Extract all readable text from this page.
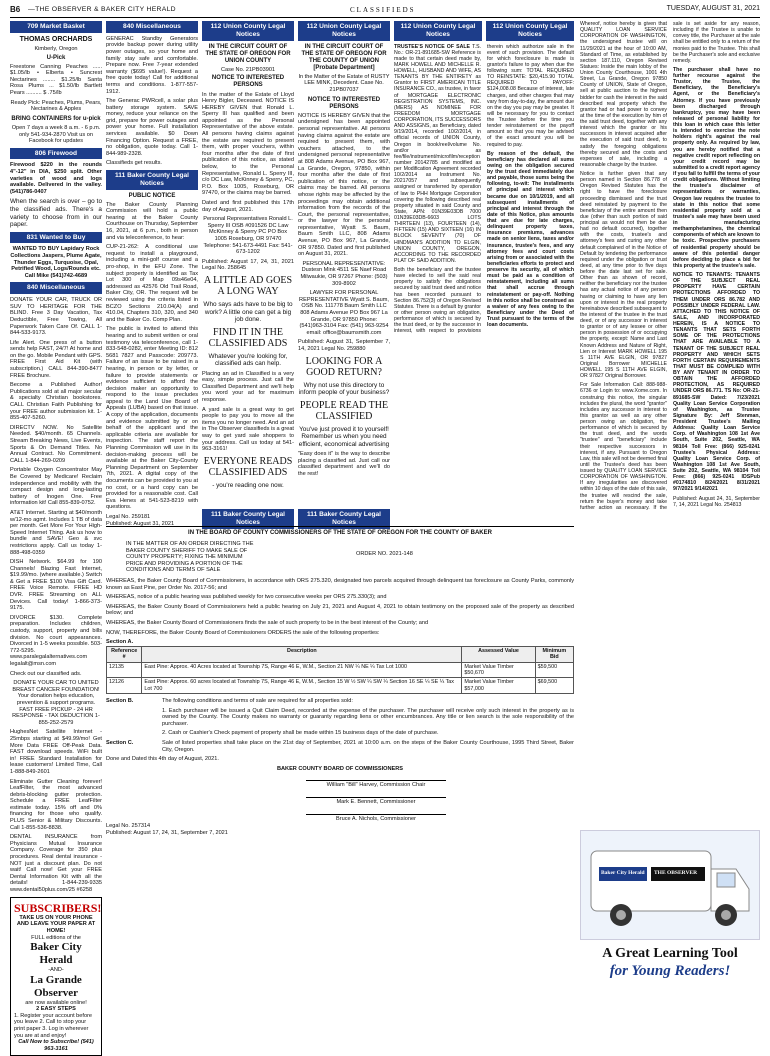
B6 —THE OBSERVER & BAKER CITY HERALD	CLASSIFIEDS	TUESDAY, AUGUST 31, 2021
709 Market Basket
THOMAS ORCHARDS
Kimberly, Oregon
U-Pick

Freestone Canning Peaches ...... $1.05/lb • Elberta • Suncrest Nectarines ........ $1.25/lb Santa Rosa Plums ... $1.50/lb Bartlett Pears .......... $ .75/lb

Ready Pick: Peaches, Plums, Pears, Nectarines & Apples

BRING CONTAINERS for u-pick

Open 7 days a week 8 a.m. - 6 p.m. only 541-934-2870 Visit us on Facebook for updates

806 Firewood

Firewood $220 in the rounds 4"-12" in DIA, $250 split. Other varieties of wood and logs available. Delivered in the valley. (541)786-0407

When the search is over – go to the classified ads. There's a variety to choose from in our paper.

831 Wanted to Buy

WANTED TO BUY Lapidary Rock Collections Jaspers, Plume Agate, Thunder Eggs, Turquoise, Opal, Petrified Wood, Logs/Rounds etc. Call Mike (541)742-4689

840 Miscellaneous

DONATE YOUR CAR, TRUCK OR SUV TO HERITAGE FOR THE BLIND. Free 3 Day Vacation, Tax Deductible, Free Towing, All Paperwork Taken Care Of. CALL 1-844-533-9173.

Life Alert. One press of a button sends help FAST, 24/7! At home and on the go. Mobile Pendant with GPS. FREE First Aid Kit (with subscription.) CALL 844-390-8477 FREE Brochure.

Become a Published Author! Publications sold at all major secular & specialty Christian bookstores. CALL Christian Faith Publishing for your FREE author submission kit. 1-855-407-5260.

DIRECTV NOW. No Satellite Needed. $40/month. 65 Channels. Stream Breaking News, Live Events, Sports & On Demand Titles. No Annual Contract. No Commitment. CALL 1-844-269-0209

Portable Oxygen Concentrator May Be Covered by Medicare! Reclaim independence and mobility with the compact design and long-lasting battery of Inogen One. Free information kit! Call 855-839-0752.

AT&T Internet. Starting at $40/month w/12-mo agmt. Includes 1 TB of data per month. Get More For Your High-Speed Internet Thing. Ask us how to bundle and SAVE! Geo & svc restrictions apply. Call us today 1-888-498-0359

DISH Network. $64.99 for 190 Channels! Blazing Fast Internet, $19.99/mo. (where available.) Switch & Get a FREE $100 Visa Gift Card. FREE Voice Remote. FREE HD DVR. FREE Streaming on ALL Devices. Call today! 1-866-373-9175.

DIVORCE $130. Complete preparation. Includes children, custody, support, property and bills division. No court appearances. Divorced in 1-5 weeks possible. 503-772-5295. www.paralegalalternatives.com legalalt@msn.com

Check out our classified ads.

DONATE YOUR CAR TO UNITED BREAST CANCER FOUNDATION! Your donation helps education, prevention & support programs. FAST FREE PICKUP - 24 HR RESPONSE - TAX DEDUCTION 1-855-252-2579

HughesNet Satellite Internet - 25mbps starting at $49.99/mo! Get More Data FREE Off-Peak Data. FAST download speeds. WiFi built in! FREE Standard Installation for lease customers! Limited Time, Call 1-888-849-2601

Eliminate Gutter Cleaning forever! LeafFilter, the most advanced debris-blocking gutter protection. Schedule a FREE LeafFilter estimate today. 15% off and 0% financing for those who qualify. PLUS Senior & Military Discounts. Call 1-855-536-8838.

DENTAL INSURANCE from Physicians Mutual Insurance Company. Coverage for 350 plus procedures. Real dental insurance - NOT just a discount plan. Do not wait! Call now! Get your FREE Dental Information Kit with all the details! 1-844-239-9335 www.dental50plus.com/25 #6258

SUBSCRIBERS!
TAKE US ON YOUR PHONE AND LEAVE YOUR PAPER AT HOME!
FULL editions of the
Baker City Herald
-AND-
La Grande Observer
are now available online!
2 EASY STEPS
1. Register your account before you leave 2. Call to stop your print paper 3. Log in wherever you are at and enjoy!
Call Now to Subscribe! (541) 963-3161
840 Miscellaneous

GENERAC Standby Generators provide backup power during utility power outages, so your home and family stay safe and comfortable. Prepare now. Free 7-year extended warranty ($695 value!). Request a free quote today! Call for additional terms and conditions. 1-877-557-1912.

The Generac PWRcell, a solar plus battery storage system. SAVE money, reduce your reliance on the grid, prepare for power outages and power your home. Full installation services available. $0 Down Financing Option. Request a FREE, no obligation, quote today. Call 1-844-989-2328.

Classifieds get results.

111 Baker County Legal Notices
PUBLIC NOTICE

The Baker County Planning Commission will hold a public hearing at the Baker County Courthouse on Thursday, September 16, 2021, at 6 p.m., both in person and via teleconference, to hear:

CUP-21-262: A conditional use request to install a playground, including a mini-golf course and a pro-shop, in the EFU Zone. The subject property is identified as Tax Lot 300 of Map 09s46e04, addressed as 42576 Old Trail Road, Baker City, OR. The request will be reviewed using the criteria listed in BCZO Sections 210.04(A) and 410.04, Chapters 310, 320, and 340 and the Baker Co. Comp Plan.

The public is invited to attend this hearing and to submit written or oral testimony via teleconference, call 1-833-548-0282, enter Meeting ID: 812 5681 7827 and Passcode: 209773. Failure of an issue to be raised in a hearing, in person or by letter, or failure to provide statements or evidence sufficient to afford the decision maker an opportunity to respond to the issue precludes appeal to the Land Use Board of Appeals (LUBA) based on that issue. A copy of the application, documents and evidence submitted by or on behalf of the applicant and the applicable criteria are available for inspection. The staff report the Planning Commission will use in its decision-making process will be available at the Baker City-County Planning Department on September 7th, 2021. A digital copy of the documents can be provided to you at no cost, or a hard copy can be provided for a reasonable cost. Call Eva Henes at 541-523-8219 with questions.

Legal No. 259181
Published: August 31, 2021
112 Union County Legal Notices
IN THE CIRCUIT COURT OF THE STATE OF OREGON FOR UNION COUNTY
Case No. 21PB03901
NOTICE TO INTERESTED PERSONS

In the matter of the Estate of Lloyd Henry Bigler, Deceased. NOTICE IS HEREBY GIVEN that Ronald L. Sperry III has qualified and been appointed as the Personal Representative of the above estate. All persons having claims against the estate are required to present them, with proper vouchers, within four months after the date of first publication of this notice, as stated below, to the Personal Representative, Ronald L. Sperry III, c/o DC Law, McKinney & Sperry, PC, P.O. Box 1005, Roseburg, OR 97470, or the claims may be barred.

Dated and first published this 17th day of August, 2021.

Personal Representatives Ronald L. Sperry III OSB #091526 DC Law McKinney & Sperry PC PO Box 1005 Roseburg, OR 97470 Telephone: 541-673-4491 Fax: 541-673-1202

Published: August 17, 24, 31, 2021 Legal No. 258645

A LITTLE AD GOES A LONG WAY
Who says ads have to be big to work? A little one can get a big job done.
FIND IT IN THE CLASSIFIED ADS
Whatever you're looking for, classified ads can help.

Placing an ad in Classified is a very easy, simple process. Just call the Classified Department and we'll help you word your ad for maximum response.

A yard sale is a great way to get people to pay you to move all the items you no longer need. And an ad in The Observer classifieds is a great way to get yard sale shoppers to your address. Call us today at 541-963-3161!

EVERYONE READS CLASSIFIED ADS
- you're reading one now.
111 Baker County Legal Notices
112 Union County Legal Notices
IN THE CIRCUIT COURT OF THE STATE OF OREGON FOR THE COUNTY OF UNION [Probate Department]

In the Matter of the Estate of RUSTY LEE MINK, Decedent. Case No. 21PB07037

NOTICE TO INTERESTED PERSONS

NOTICE IS HEREBY GIVEN that the undersigned has been appointed personal representative. All persons having claims against the estate are required to present them, with vouchers attached, to the undersigned personal representative at 808 Adams Avenue, PO Box 967, La Grande, Oregon, 97850, within four months after the date of first publication of this notice, or the claims may be barred. All persons whose rights may be affected by the proceedings may obtain additional information from the records of the Court, the personal representative, or the lawyer for the personal representative, Wyatt S. Baum, Baum Smith LLC, 808 Adams Avenue, PO Box 967, La Grande, OR 97850. Dated and first published on August 31, 2021.

PERSONAL REPRESENTATIVE: Dustesn Mink 4511 SE Naef Road Milwaukie, OR 97267 Phone: (503) 309-8902

LAWYER FOR PERSONAL REPRESENTATIVE Wyatt S. Baum, OSB No. 111778 Baum Smith LLC 808 Adams Avenue PO Box 967 La Grande, OR 97850 Phone: (541)963-3104 Fax: (541) 963-9254 email: office@baumsmith.com

Published: August 31, September 7, 14, 2021 Legal No. 259880

LOOKING FOR A GOOD RETURN?
Why not use this directory to inform people of your business?
PEOPLE READ THE CLASSIFIED
You've just proved it to yourself! Remember us when you need efficient, economical advertising

"Easy does it" is the way to describe placing a classified ad. Just call our classified department and we'll do the rest!

111 Baker County Legal Notices
112 Union County Legal Notices
112 Union County Legal Notices

TRUSTEE'S NOTICE OF SALE T.S. No.: OR-21-891685-SW Reference is made to that certain deed made by, MARK HOWELL AND MICHELLE R. HOWELL, HUSBAND AND WIFE, AS TENANTS BY THE ENTIRETY as Grantor to FIRST AMERICAN TITLE INSURANCE CO., as trustee, in favor of MORTGAGE ELECTRONIC REGISTRATION SYSTEMS, INC. (MERS) AS NOMINEE FOR FREEDOM MORTGAGE CORPORATION, ITS SUCCESSORS AND ASSIGNS, as Beneficiary, dated 9/19/2014, recorded 10/2/2014, in official records of UNION County, Oregon in book/reel/volume No. and/or as fee/file/instrument/microfilm/reception number 20142785 and modified as per Modification Agreement recorded 10/2/2014 as Instrument No. 20217057 and subsequently assigned or transferred by operation of law to PHH Mortgage Corporation covering the following described real property situated in said County and State, APN: 01N39E03DB 7000 01N39E03DB-6603 LOTS THIRTEEN (13), FOURTEEN (14), FIFTEEN (15) AND SIXTEEN (16) IN BLOCK SEVENTY (70) OF HINDMAN'S ADDITION TO ELGIN, UNION COUNTY, OREGON, ACCORDING TO THE RECORDED PLAT OF SAID ADDITION.

Both the beneficiary and the trustee have elected to sell the said real property to satisfy the obligations secured by said trust deed and notice has been recorded pursuant to Section 86.752(3) of Oregon Revised Statutes. There is a default by grantor or other person owing an obligation, performance of which is secured by the trust deed, or by the successor in interest, with respect to provisions therein which authorize sale in the event of such provision. The default for which foreclosure is made is grantor's failure to pay when due the following sum: TOTAL REQUIRED TO REINSTATE: $20,415.90 TOTAL REQUIRED TO PAYOFF: $124,008.08 Because of interest, late charges, and other charges that may vary from day-to-day, the amount due on the day you pay may be greater. It will be necessary for you to contact the Trustee before the time you tender reinstatement or the payoff amount so that you may be advised of the exact amount you will be required to pay.

By reason of the default, the beneficiary has declared all sums owing on the obligation secured by the trust deed immediately due and payable, those sums being the following, to-wit: The installments of principal and interest which became due on 10/1/2019, and all subsequent installments of principal and interest through the date of this Notice, plus amounts that are due for late charges, delinquent property taxes, insurance premiums, advances made on senior liens, taxes and/or insurance, trustee's fees, and any attorney fees and court costs arising from or associated with the beneficiaries efforts to protect and preserve its security, all of which must be paid as a condition of reinstatement, including all sums that shall accrue through reinstatement or pay-off. Nothing in this notice shall be construed as a waiver of any fees owing to the Beneficiary under the Deed of Trust pursuant to the terms of the loan documents.

Whereof, notice hereby is given that QUALITY LOAN SERVICE CORPORATION OF WASHINGTON, the undersigned trustee will on 11/29/2021 at the hour of 10:00 AM, Standard of Time, as established by section 187.110, Oregon Revised Statues: Inside the main lobby of the Union County Courthouse, 1001 4th Street, La Grande, Oregon 97850 County of UNION, State of Oregon, sell at public auction to the highest bidder for cash the interest in the said described real property which the grantor had or had power to convey at the time of the execution by him of the said trust deed, together with any interest which the grantor or his successors in interest acquired after the execution of said trust deed, to satisfy the foregoing obligations thereby secured and the costs and expenses of sale, including a reasonable charge by the trustee.

Notice is further given that any person named in Section 86.778 of Oregon Revised Statutes has the right to have the foreclosure proceeding dismissed and the trust deed reinstated by payment to the beneficiary of the entire amount then due (other than such portion of said principal as would not then be due had no default occurred), together with the costs, trustee's and attorney's fees and curing any other default complained of in the Notice of Default by tendering the performance required under the obligation or trust deed, at any time prior to five days before the date last set for sale. Other than as shown of record, neither the beneficiary nor the trustee has any actual notice of any person having or claiming to have any lien upon or interest in the real property hereinabove described subsequent to the interest of the trustee in the trust deed, or of any successor in interest to grantor or of any lessee or other person in possession of or occupying the property, except: Name and Last Known Address and Nature of Right, Lien or Interest MARK HOWELL 195 S 11TH AVE ELGIN, OR 97827 Original Borrower MICHELLE HOWELL 195 S 11TH AVE ELGIN, OR 97827 Original Borrower.

For Sale Information Call: 888-988-6736 or Login to: www.Xome.com. In construing this notice, the singular includes the plural, the word "grantor" includes any successor in interest to this grantor as well as any other person owing an obligation, the performance of which is secured by the trust deed, and the words "trustee" and "beneficiary" include their respective successors in interest, if any. Pursuant to Oregon Law, this sale will not be deemed final until the Trustee's deed has been issued by QUALITY LOAN SERVICE CORPORATION OF WASHINGTON. If any irregularities are discovered within 10 days of the date of this sale, the trustee will rescind the sale, return the buyer's money and take further action as necessary. If the sale is set aside for any reason, including if the Trustee is unable to convey title, the Purchaser at the sale shall be entitled only to a return of the monies paid to the Trustee. This shall be the Purchaser's sole and exclusive remedy.

The purchaser shall have no further recourse against the Trustor, the Trustee, the Beneficiary, the Beneficiary's Agent, or the Beneficiary's Attorney. If you have previously been discharged through bankruptcy, you may have been released of personal liability for this loan in which case this letter is intended to exercise the note holders right's against the real property only. As required by law, you are hereby notified that a negative credit report reflecting on your credit record may be submitted to a credit report agency if you fail to fulfill the terms of your credit obligations. Without limiting the trustee's disclaimer of representations or warranties, Oregon law requires the trustee to state in this notice that some residential property sold at a trustee's sale may have been used in manufacturing methamphetamines, the chemical components of which are known to be toxic. Prospective purchasers of residential property should be aware of this potential danger before deciding to place a bid for this property at the trustee's sale.

NOTICE TO TENANTS: TENANTS OF THE SUBJECT REAL PROPERTY HAVE CERTAIN PROTECTIONS AFFORDED TO THEM UNDER ORS 86.782 AND POSSIBLY UNDER FEDERAL LAW. ATTACHED TO THIS NOTICE OF SALE, AND INCORPORATED HEREIN, IS A NOTICE TO TENANTS THAT SETS FORTH SOME OF THE PROTECTIONS THAT ARE AVAILABLE TO A TENANT OF THE SUBJECT REAL PROPERTY AND WHICH SETS FORTH CERTAIN REQUIREMENTS THAT MUST BE COMPLIED WITH BY ANY TENANT IN ORDER TO OBTAIN THE AFFORDED PROTECTION, AS REQUIRED UNDER ORS 86.771. TS No: OR-21-891685-SW Dated: 7/23/2021 Quality Loan Service Corporation of Washington, as Trustee Signature By: Jeff Stenman, President Trustee's Mailing Address: Quality Loan Service Corp. of Washington 108 1st Ave South, Suite 202, Seattle, WA 98104 Toll Free: (866) 925-0241 Trustee's Physical Address: Quality Loan Service Corp. of Washington 108 1st Ave South, Suite 202, Seattle, WA 98104 Toll Free: (866) 925-0241 IDSPub #0174810 8/24/2021 8/31/2021 9/7/2021 9/14/2021

Published: August 24, 31, September 7, 14, 2021 Legal No. 254813

IN THE BOARD OF COUNTY COMMISSIONERS OF THE STATE OF OREGON FOR THE COUNTY OF BAKER
IN THE MATTER OF AN ORDER DIRECTING THE BAKER COUNTY SHERIFF TO MAKE SALE OF COUNTY PROPERTY; FIXING THE MINIMUM PRICE AND PROVIDING A PORTION OF THE CONDITIONS AND TERMS OF SALE
ORDER NO. 2021-148

WHEREAS, the Baker County Board of Commissioners, in accordance with ORS 275.320, designated two parcels acquired through delinquent tax foreclosure as County Parks, commonly known as East Pine, per Order No. 2017-56; and

WHEREAS, notice of a public hearing was published weekly for two consecutive weeks per ORS 275.330(3); and

WHEREAS, the Baker County Board of Commissioners held a public hearing on July 21, 2021 and August 4, 2021 to obtain testimony on the proposed sale of the property as described below; and

WHEREAS, the Baker County Board of Commissioners finds the sale of such property to be in the best interest of the County; and

NOW, THEREFORE, the Baker County Board of Commissioners ORDERS the sale of the following properties:

Section A.
Reference #	Description	Assessed Value	Minimum Bid
12135	East Pine: Approx. 40 Acres located at Township 7S, Range 46 E, W.M., Section 21 NW ¼ NE ¼ Tax Lot 1000	Market Value Timber $50,670	$59,500
12126	East Pine: Approx. 60 acres located at Township 7S, Range 46 E, W.M., Section 15 W ½ SW ¼ SW ¼ Section 16 SE ¼ SE ¼ Tax Lot 700	Market Value Timber $57,000	$69,500
Section B.	The following conditions and terms of sale are required for all properties sold:

1. Each purchaser will be issued a Quit Claim Deed, recorded at the expense of the purchaser. The purchaser will receive only such interest in the property as is owned by the County. The County makes no warranty or guaranty regarding liens or other encumbrances. Any title or lien search is the sole responsibility of the purchaser.

2. Cash or Cashier's Check payment of property shall be made within 15 business days of the date of purchase.

Section C.	Sale of listed properties shall take place on the 21st day of September, 2021 at 10:00 a.m. on the steps of the Baker County Courthouse, 1995 Third Street, Baker City, Oregon.

Done and Dated this 4th day of August, 2021.

BAKER COUNTY BOARD OF COMMISSIONERS
William "Bill" Harvey, Commission Chair
Mark E. Bennett, Commissioner
Bruce A. Nichols, Commissioner
Legal No. 257314
Published: August 17, 24, 31, September 7, 2021
Baker City Herald THE OBSERVER
A Great Learning Tool
for Young Readers!
